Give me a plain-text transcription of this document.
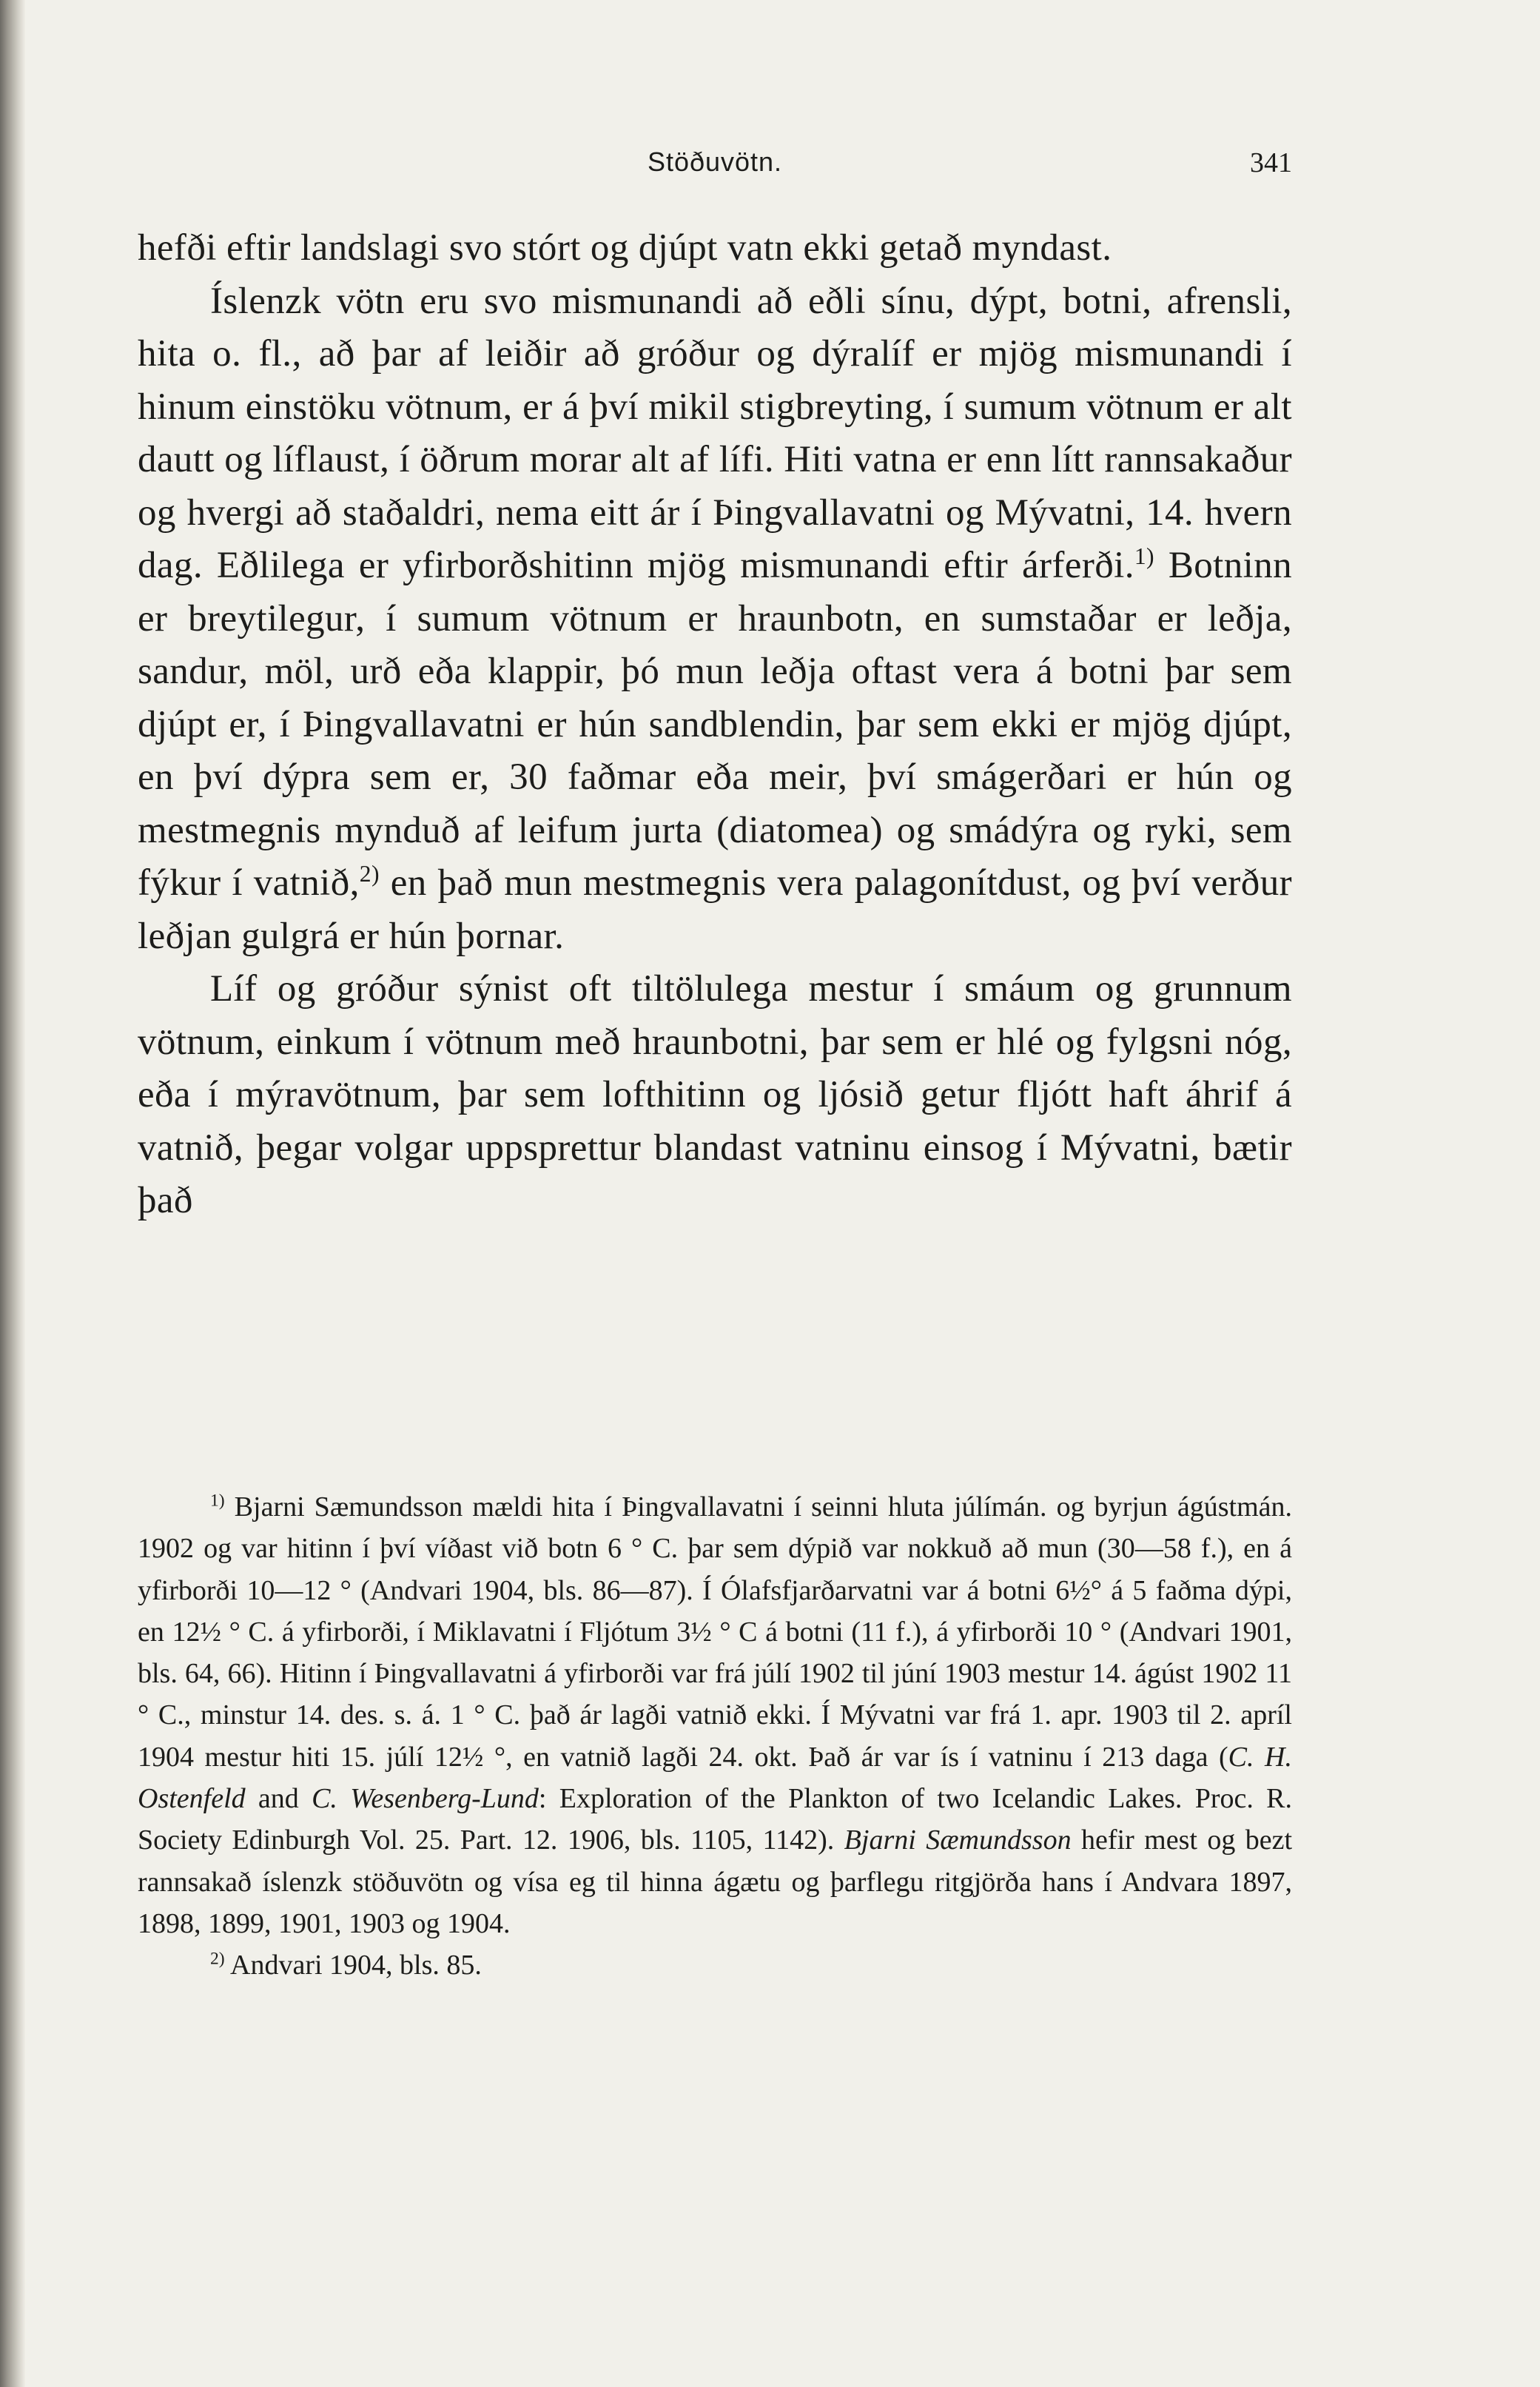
Stöðuvötn.	341

hefði eftir landslagi svo stórt og djúpt vatn ekki getað myndast.

Íslenzk vötn eru svo mismunandi að eðli sínu, dýpt, botni, afrensli, hita o. fl., að þar af leiðir að gróður og dýralíf er mjög mismunandi í hinum einstöku vötnum, er á því mikil stigbreyting, í sumum vötnum er alt dautt og líflaust, í öðrum morar alt af lífi. Hiti vatna er enn lítt rannsakaður og hvergi að staðaldri, nema eitt ár í Þingvallavatni og Mývatni, 14. hvern dag. Eðlilega er yfirborðshitinn mjög mismunandi eftir árferði.$^{1)}$ Botninn er breytilegur, í sumum vötnum er hraunbotn, en sumstaðar er leðja, sandur, möl, urð eða klappir, þó mun leðja oftast vera á botni þar sem djúpt er, í Þingvallavatni er hún sandblendin, þar sem ekki er mjög djúpt, en því dýpra sem er, 30 faðmar eða meir, því smágerðari er hún og mestmegnis mynduð af leifum jurta (diatomea) og smádýra og ryki, sem fýkur í vatnið,$^{2)}$ en það mun mestmegnis vera palagonítdust, og því verður leðjan gulgrá er hún þornar.

Líf og gróður sýnist oft tiltölulega mestur í smáum og grunnum vötnum, einkum í vötnum með hraunbotni, þar sem er hlé og fylgsni nóg, eða í mýravötnum, þar sem lofthitinn og ljósið getur fljótt haft áhrif á vatnið, þegar volgar uppsprettur blandast vatninu einsog í Mývatni, bætir það

$^{1)}$ Bjarni Sæmundsson mældi hita í Þingvallavatni í seinni hluta júlímán. og byrjun ágústmán. 1902 og var hitinn í því víðast við botn 6 ° C. þar sem dýpið var nokkuð að mun (30—58 f.), en á yfirborði 10—12 ° (Andvari 1904, bls. 86—87). Í Ólafsfjarðarvatni var á botni 6½° á 5 faðma dýpi, en 12½ ° C. á yfirborði, í Miklavatni í Fljótum 3½ ° C á botni (11 f.), á yfirborði 10 ° (Andvari 1901, bls. 64, 66). Hitinn í Þingvallavatni á yfirborði var frá júlí 1902 til júní 1903 mestur 14. ágúst 1902 11 ° C., minstur 14. des. s. á. 1 ° C. það ár lagði vatnið ekki. Í Mývatni var frá 1. apr. 1903 til 2. apríl 1904 mestur hiti 15. júlí 12½ °, en vatnið lagði 24. okt. Það ár var ís í vatninu í 213 daga (C. H. Ostenfeld and C. Wesenberg-Lund: Exploration of the Plankton of two Icelandic Lakes. Proc. R. Society Edinburgh Vol. 25. Part. 12. 1906, bls. 1105, 1142). Bjarni Sæmundsson hefir mest og bezt rannsakað íslenzk stöðuvötn og vísa eg til hinna ágætu og þarflegu ritgjörða hans í Andvara 1897, 1898, 1899, 1901, 1903 og 1904.

$^{2)}$ Andvari 1904, bls. 85.
